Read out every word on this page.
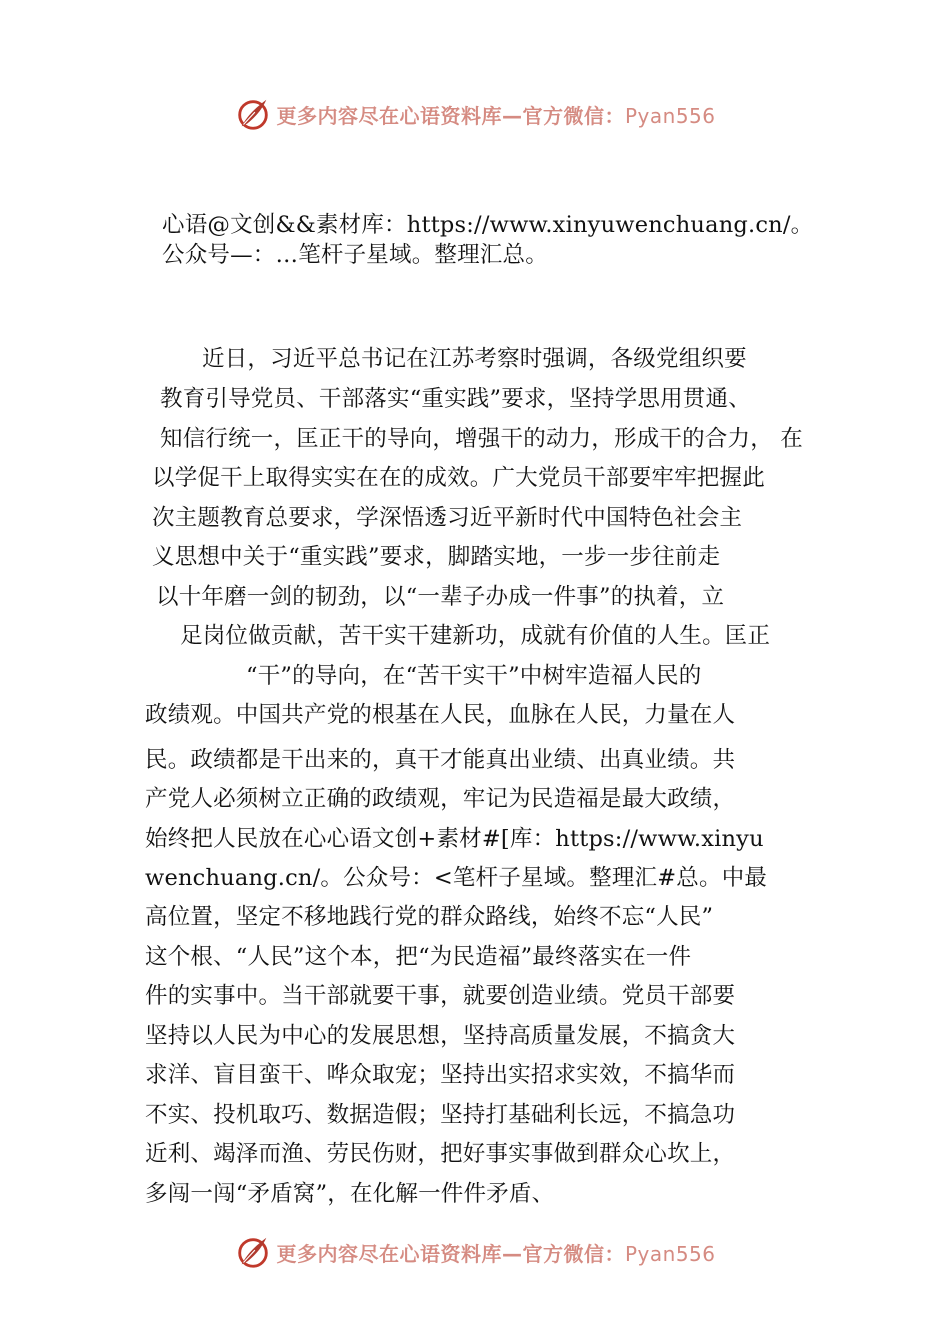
更多内容尽在心语资料库—官方微信：Pyan556
心语@文创&&素材库：https://www.xinyuwenchuang.cn/。
公众号—：…笔杆子星域。整理汇总。
近日，习近平总书记在江苏考察时强调，各级党组织要
教育引导党员、干部落实“重实践”要求，坚持学思用贯通、
知信行统一，匡正干的导向，增强干的动力，形成干的合力， 在
以学促干上取得实实在在的成效。广大党员干部要牢牢把握此
次主题教育总要求，学深悟透习近平新时代中国特色社会主
义思想中关于“重实践”要求，脚踏实地，一步一步往前走
以十年磨一剑的韧劲，以“一辈子办成一件事”的执着，立
足岗位做贡献，苦干实干建新功，成就有价值的人生。匡正
“干”的导向，在“苦干实干”中树牢造福人民的
政绩观。中国共产党的根基在人民，血脉在人民，力量在人
民。政绩都是干出来的，真干才能真出业绩、出真业绩。共
产党人必须树立正确的政绩观，牢记为民造福是最大政绩，
始终把人民放在心心语文创+素材#[库：https://www.xinyu
wenchuang.cn/。公众号：<笔杆子星域。整理汇#总。中最
高位置，坚定不移地践行党的群众路线，始终不忘“人民”
这个根、“人民”这个本，把“为民造福”最终落实在一件
件的实事中。当干部就要干事，就要创造业绩。党员干部要
坚持以人民为中心的发展思想，坚持高质量发展，不搞贪大
求洋、盲目蛮干、哗众取宠；坚持出实招求实效，不搞华而
不实、投机取巧、数据造假；坚持打基础利长远，不搞急功
近利、竭泽而渔、劳民伤财，把好事实事做到群众心坎上，
多闯一闯“矛盾窝”，在化解一件件矛盾、
更多内容尽在心语资料库—官方微信：Pyan556
